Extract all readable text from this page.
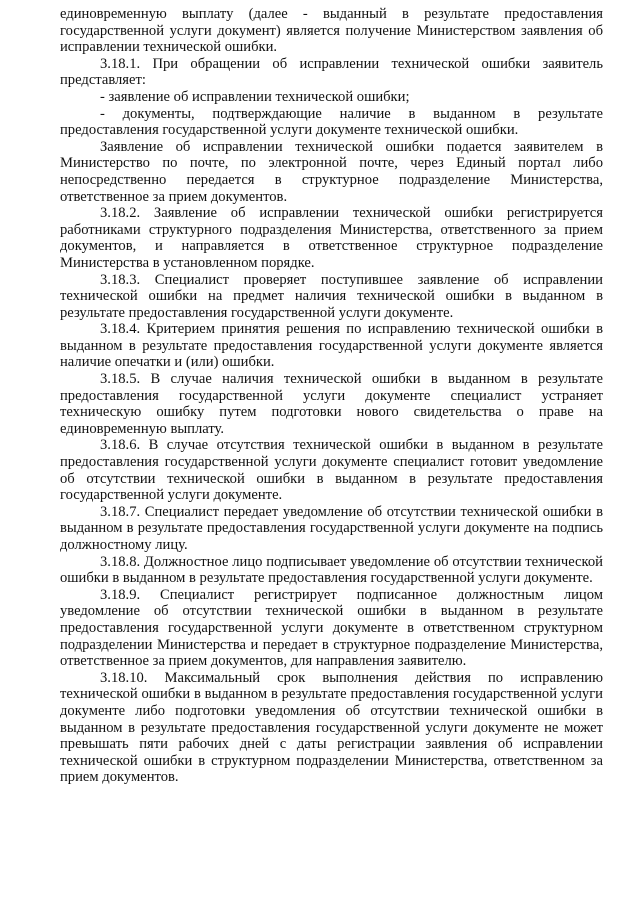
единовременную выплату (далее - выданный в результате предоставления государственной услуги документ) является получение Министерством заявления об исправлении технической ошибки.

3.18.1. При обращении об исправлении технической ошибки заявитель представляет:

- заявление об исправлении технической ошибки;

- документы, подтверждающие наличие в выданном в результате предоставления государственной услуги документе технической ошибки.

Заявление об исправлении технической ошибки подается заявителем в Министерство по почте, по электронной почте, через Единый портал либо непосредственно передается в структурное подразделение Министерства, ответственное за прием документов.

3.18.2. Заявление об исправлении технической ошибки регистрируется работниками структурного подразделения Министерства, ответственного за прием документов, и направляется в ответственное структурное подразделение Министерства в установленном порядке.

3.18.3. Специалист проверяет поступившее заявление об исправлении технической ошибки на предмет наличия технической ошибки в выданном в результате предоставления государственной услуги документе.

3.18.4. Критерием принятия решения по исправлению технической ошибки в выданном в результате предоставления государственной услуги документе является наличие опечатки и (или) ошибки.

3.18.5. В случае наличия технической ошибки в выданном в результате предоставления государственной услуги документе специалист устраняет техническую ошибку путем подготовки нового свидетельства о праве на единовременную выплату.

3.18.6. В случае отсутствия технической ошибки в выданном в результате предоставления государственной услуги документе специалист готовит уведомление об отсутствии технической ошибки в выданном в результате предоставления государственной услуги документе.

3.18.7. Специалист передает уведомление об отсутствии технической ошибки в выданном в результате предоставления государственной услуги документе на подпись должностному лицу.

3.18.8. Должностное лицо подписывает уведомление об отсутствии технической ошибки в выданном в результате предоставления государственной услуги документе.

3.18.9. Специалист регистрирует подписанное должностным лицом уведомление об отсутствии технической ошибки в выданном в результате предоставления государственной услуги документе в ответственном структурном подразделении Министерства и передает в структурное подразделение Министерства, ответственное за прием документов, для направления заявителю.

3.18.10. Максимальный срок выполнения действия по исправлению технической ошибки в выданном в результате предоставления государственной услуги документе либо подготовки уведомления об отсутствии технической ошибки в выданном в результате предоставления государственной услуги документе не может превышать пяти рабочих дней с даты регистрации заявления об исправлении технической ошибки в структурном подразделении Министерства, ответственном за прием документов.
